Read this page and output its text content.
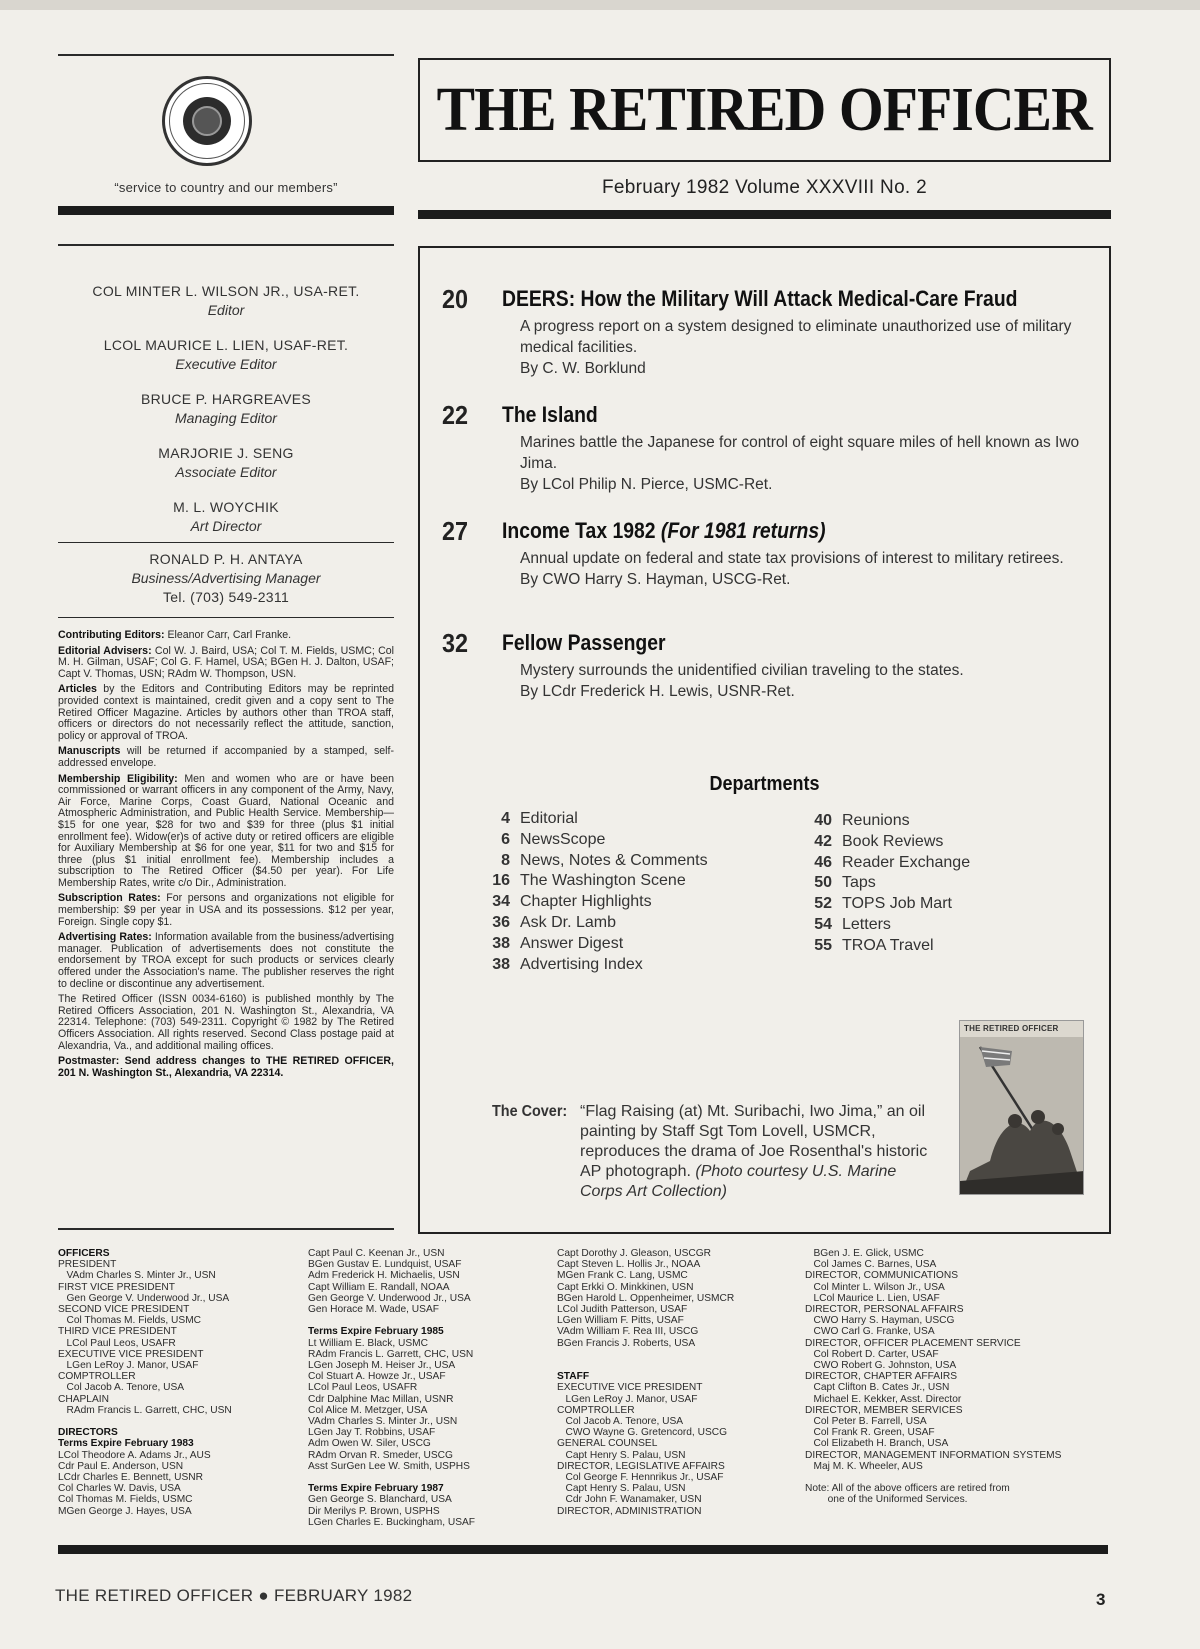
“service to country and our members”
THE RETIRED OFFICER
February 1982 Volume XXXVIII No. 2
COL MINTER L. WILSON JR., USA-RET.
Editor
LCOL MAURICE L. LIEN, USAF-RET.
Executive Editor
BRUCE P. HARGREAVES
Managing Editor
MARJORIE J. SENG
Associate Editor
M. L. WOYCHIK
Art Director
RONALD P. H. ANTAYA
Business/Advertising Manager
Tel. (703) 549-2311

Contributing Editors: Eleanor Carr, Carl Franke.

Editorial Advisers: Col W. J. Baird, USA; Col T. M. Fields, USMC; Col M. H. Gilman, USAF; Col G. F. Hamel, USA; BGen H. J. Dalton, USAF; Capt V. Thomas, USN; RAdm W. Thompson, USN.

Articles by the Editors and Contributing Editors may be reprinted provided context is maintained, credit given and a copy sent to The Retired Officer Magazine. Articles by authors other than TROA staff, officers or directors do not necessarily reflect the attitude, sanction, policy or approval of TROA.

Manuscripts will be returned if accompanied by a stamped, self-addressed envelope.

Membership Eligibility: Men and women who are or have been commissioned or warrant officers in any component of the Army, Navy, Air Force, Marine Corps, Coast Guard, National Oceanic and Atmospheric Administration, and Public Health Service. Membership—$15 for one year, $28 for two and $39 for three (plus $1 initial enrollment fee). Widow(er)s of active duty or retired officers are eligible for Auxiliary Membership at $6 for one year, $11 for two and $15 for three (plus $1 initial enrollment fee). Membership includes a subscription to The Retired Officer ($4.50 per year). For Life Membership Rates, write c/o Dir., Administration.

Subscription Rates: For persons and organizations not eligible for membership: $9 per year in USA and its possessions. $12 per year, Foreign. Single copy $1.

Advertising Rates: Information available from the business/advertising manager. Publication of advertisements does not constitute the endorsement by TROA except for such products or services clearly offered under the Association's name. The publisher reserves the right to decline or discontinue any advertisement.

The Retired Officer (ISSN 0034-6160) is published monthly by The Retired Officers Association, 201 N. Washington St., Alexandria, VA 22314. Telephone: (703) 549-2311. Copyright © 1982 by The Retired Officers Association. All rights reserved. Second Class postage paid at Alexandria, Va., and additional mailing offices.

Postmaster: Send address changes to THE RETIRED OFFICER, 201 N. Washington St., Alexandria, VA 22314.

20 DEERS: How the Military Will Attack Medical-Care Fraud
A progress report on a system designed to eliminate unauthorized use of military medical facilities.
By C. W. Borklund
22 The Island
Marines battle the Japanese for control of eight square miles of hell known as Iwo Jima.
By LCol Philip N. Pierce, USMC-Ret.
27 Income Tax 1982 (For 1981 returns)
Annual update on federal and state tax provisions of interest to military retirees.
By CWO Harry S. Hayman, USCG-Ret.
32 Fellow Passenger
Mystery surrounds the unidentified civilian traveling to the states.
By LCdr Frederick H. Lewis, USNR-Ret.
Departments
4 Editorial
6 NewsScope
8 News, Notes & Comments
16 The Washington Scene
34 Chapter Highlights
36 Ask Dr. Lamb
38 Answer Digest
38 Advertising Index
40 Reunions
42 Book Reviews
46 Reader Exchange
50 Taps
52 TOPS Job Mart
54 Letters
55 TROA Travel
The Cover: “Flag Raising (at) Mt. Suribachi, Iwo Jima,” an oil painting by Staff Sgt Tom Lovell, USMCR, reproduces the drama of Joe Rosenthal's historic AP photograph. (Photo courtesy U.S. Marine Corps Art Collection)
THE RETIRED OFFICER
OFFICERS
PRESIDENT
VAdm Charles S. Minter Jr., USN
FIRST VICE PRESIDENT
Gen George V. Underwood Jr., USA
SECOND VICE PRESIDENT
Col Thomas M. Fields, USMC
THIRD VICE PRESIDENT
LCol Paul Leos, USAFR
EXECUTIVE VICE PRESIDENT
LGen LeRoy J. Manor, USAF
COMPTROLLER
Col Jacob A. Tenore, USA
CHAPLAIN
RAdm Francis L. Garrett, CHC, USN

DIRECTORS
Terms Expire February 1983
LCol Theodore A. Adams Jr., AUS
Cdr Paul E. Anderson, USN
LCdr Charles E. Bennett, USNR
Col Charles W. Davis, USA
Col Thomas M. Fields, USMC
MGen George J. Hayes, USA
Capt Paul C. Keenan Jr., USN
BGen Gustav E. Lundquist, USAF
Adm Frederick H. Michaelis, USN
Capt William E. Randall, NOAA
Gen George V. Underwood Jr., USA
Gen Horace M. Wade, USAF

Terms Expire February 1985
Lt William E. Black, USMC
RAdm Francis L. Garrett, CHC, USN
LGen Joseph M. Heiser Jr., USA
Col Stuart A. Howze Jr., USAF
LCol Paul Leos, USAFR
Cdr Dalphine Mac Millan, USNR
Col Alice M. Metzger, USA
VAdm Charles S. Minter Jr., USN
LGen Jay T. Robbins, USAF
Adm Owen W. Siler, USCG
RAdm Orvan R. Smeder, USCG
Asst SurGen Lee W. Smith, USPHS

Terms Expire February 1987
Gen George S. Blanchard, USA
Dir Merilys P. Brown, USPHS
LGen Charles E. Buckingham, USAF
Capt Dorothy J. Gleason, USCGR
Capt Steven L. Hollis Jr., NOAA
MGen Frank C. Lang, USMC
Capt Erkki O. Minkkinen, USN
BGen Harold L. Oppenheimer, USMCR
LCol Judith Patterson, USAF
LGen William F. Pitts, USAF
VAdm William F. Rea III, USCG
BGen Francis J. Roberts, USA

STAFF
EXECUTIVE VICE PRESIDENT
LGen LeRoy J. Manor, USAF
COMPTROLLER
Col Jacob A. Tenore, USA
CWO Wayne G. Gretencord, USCG
GENERAL COUNSEL
Capt Henry S. Palau, USN
DIRECTOR, LEGISLATIVE AFFAIRS
Col George F. Hennrikus Jr., USAF
Capt Henry S. Palau, USN
Cdr John F. Wanamaker, USN
DIRECTOR, ADMINISTRATION
BGen J. E. Glick, USMC
Col James C. Barnes, USA
DIRECTOR, COMMUNICATIONS
Col Minter L. Wilson Jr., USA
LCol Maurice L. Lien, USAF
DIRECTOR, PERSONAL AFFAIRS
CWO Harry S. Hayman, USCG
CWO Carl G. Franke, USA
DIRECTOR, OFFICER PLACEMENT SERVICE
Col Robert D. Carter, USAF
CWO Robert G. Johnston, USA
DIRECTOR, CHAPTER AFFAIRS
Capt Clifton B. Cates Jr., USN
Michael E. Kekker, Asst. Director
DIRECTOR, MEMBER SERVICES
Col Peter B. Farrell, USA
Col Frank R. Green, USAF
Col Elizabeth H. Branch, USA
DIRECTOR, MANAGEMENT INFORMATION SYSTEMS
Maj M. K. Wheeler, AUS

Note: All of the above officers are retired from
one of the Uniformed Services.
THE RETIRED OFFICER ● FEBRUARY 1982	3
